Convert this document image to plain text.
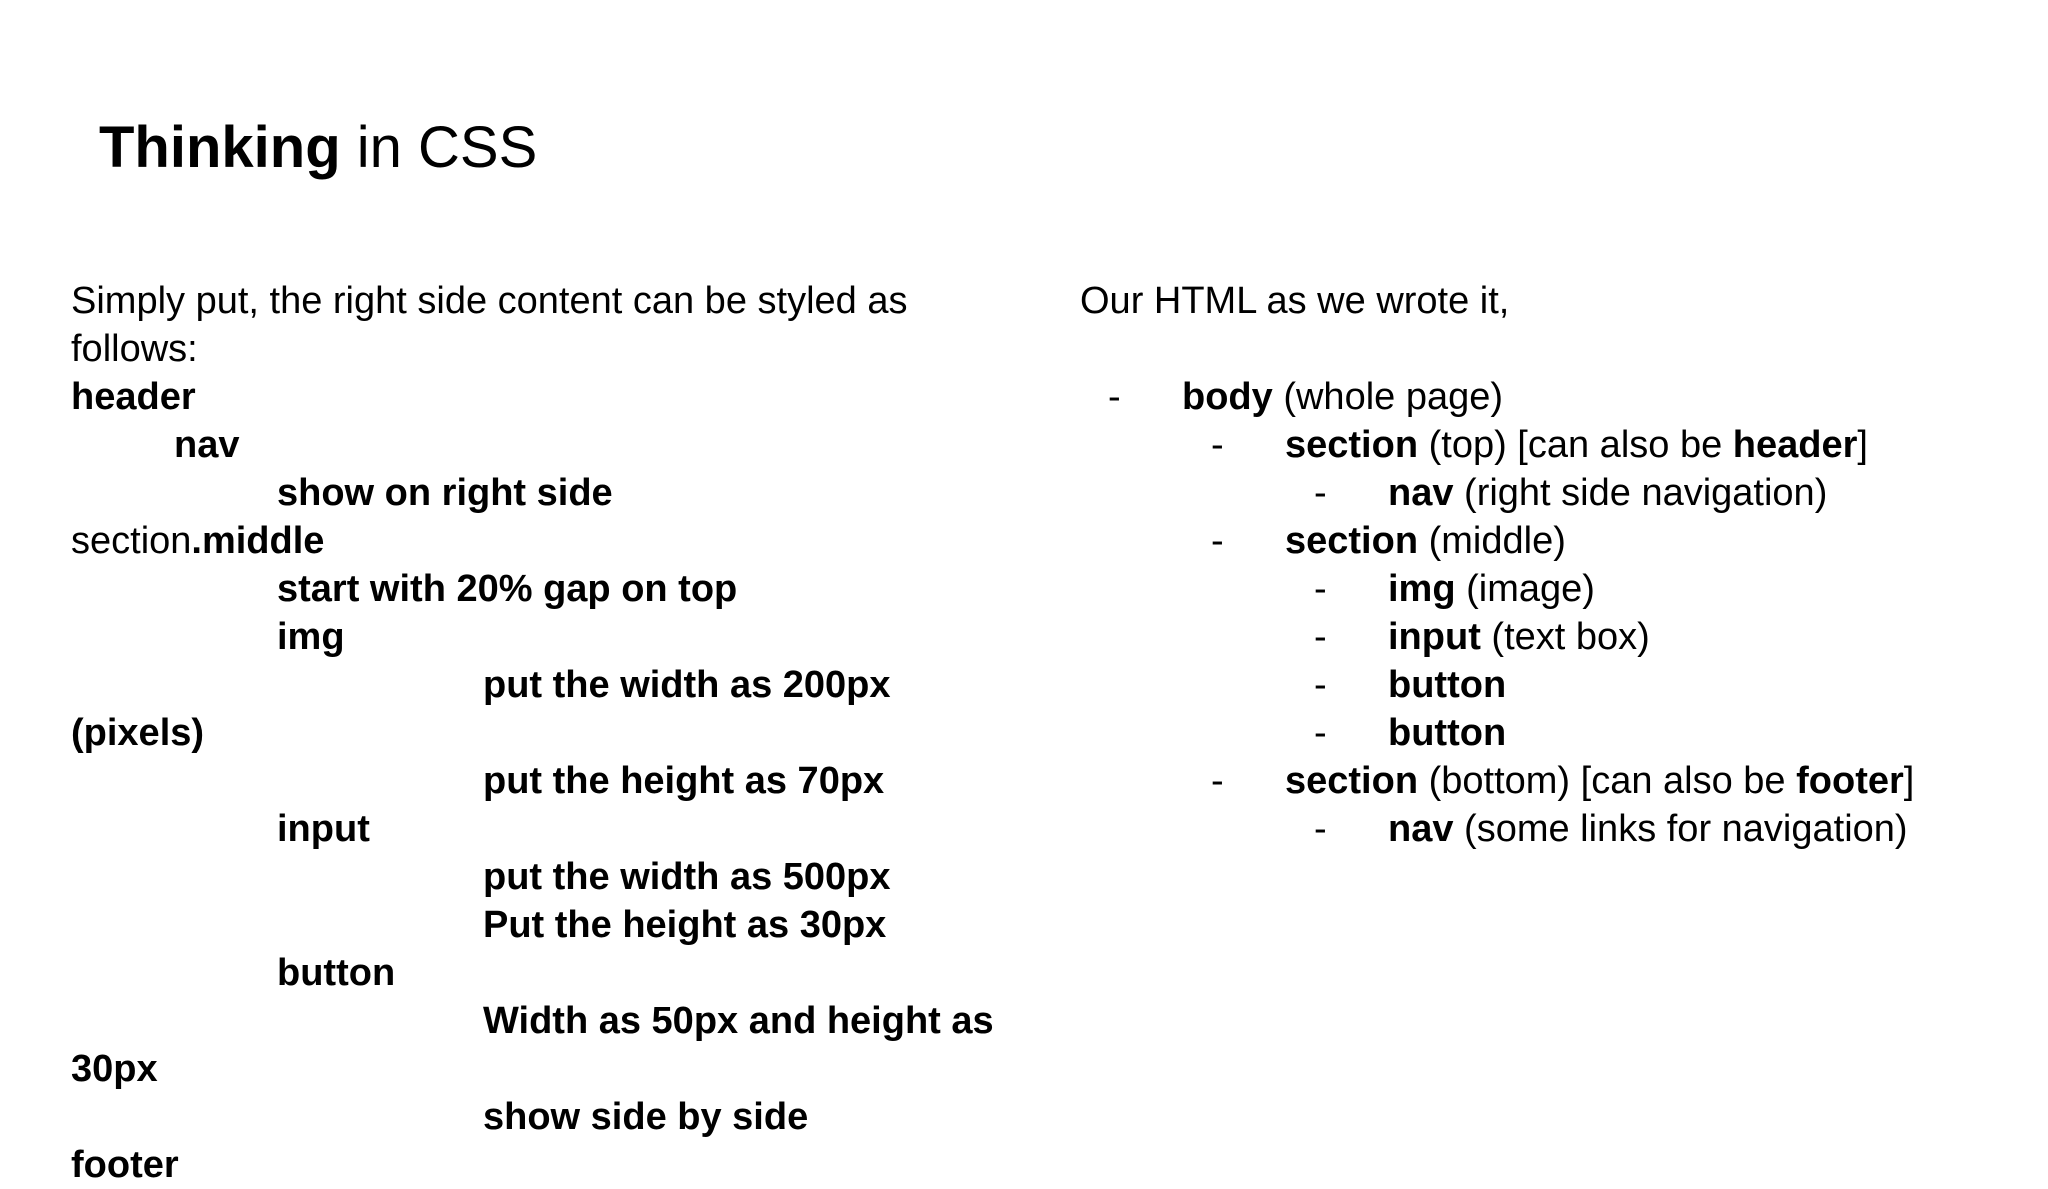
Thinking in CSS
Simply put, the right side content can be styled as
follows:
header
nav
show on right side
section.middle
start with 20% gap on top
img
put the width as 200px
(pixels)
put the height as 70px
input
put the width as 500px
Put the height as 30px
button
Width as 50px and height as
30px
show side by side
footer
Our HTML as we wrote it,
- body (whole page)
- section (top) [can also be header]
- nav (right side navigation)
- section (middle)
- img (image)
- input (text box)
- button
- button
- section (bottom) [can also be footer]
- nav (some links for navigation)
